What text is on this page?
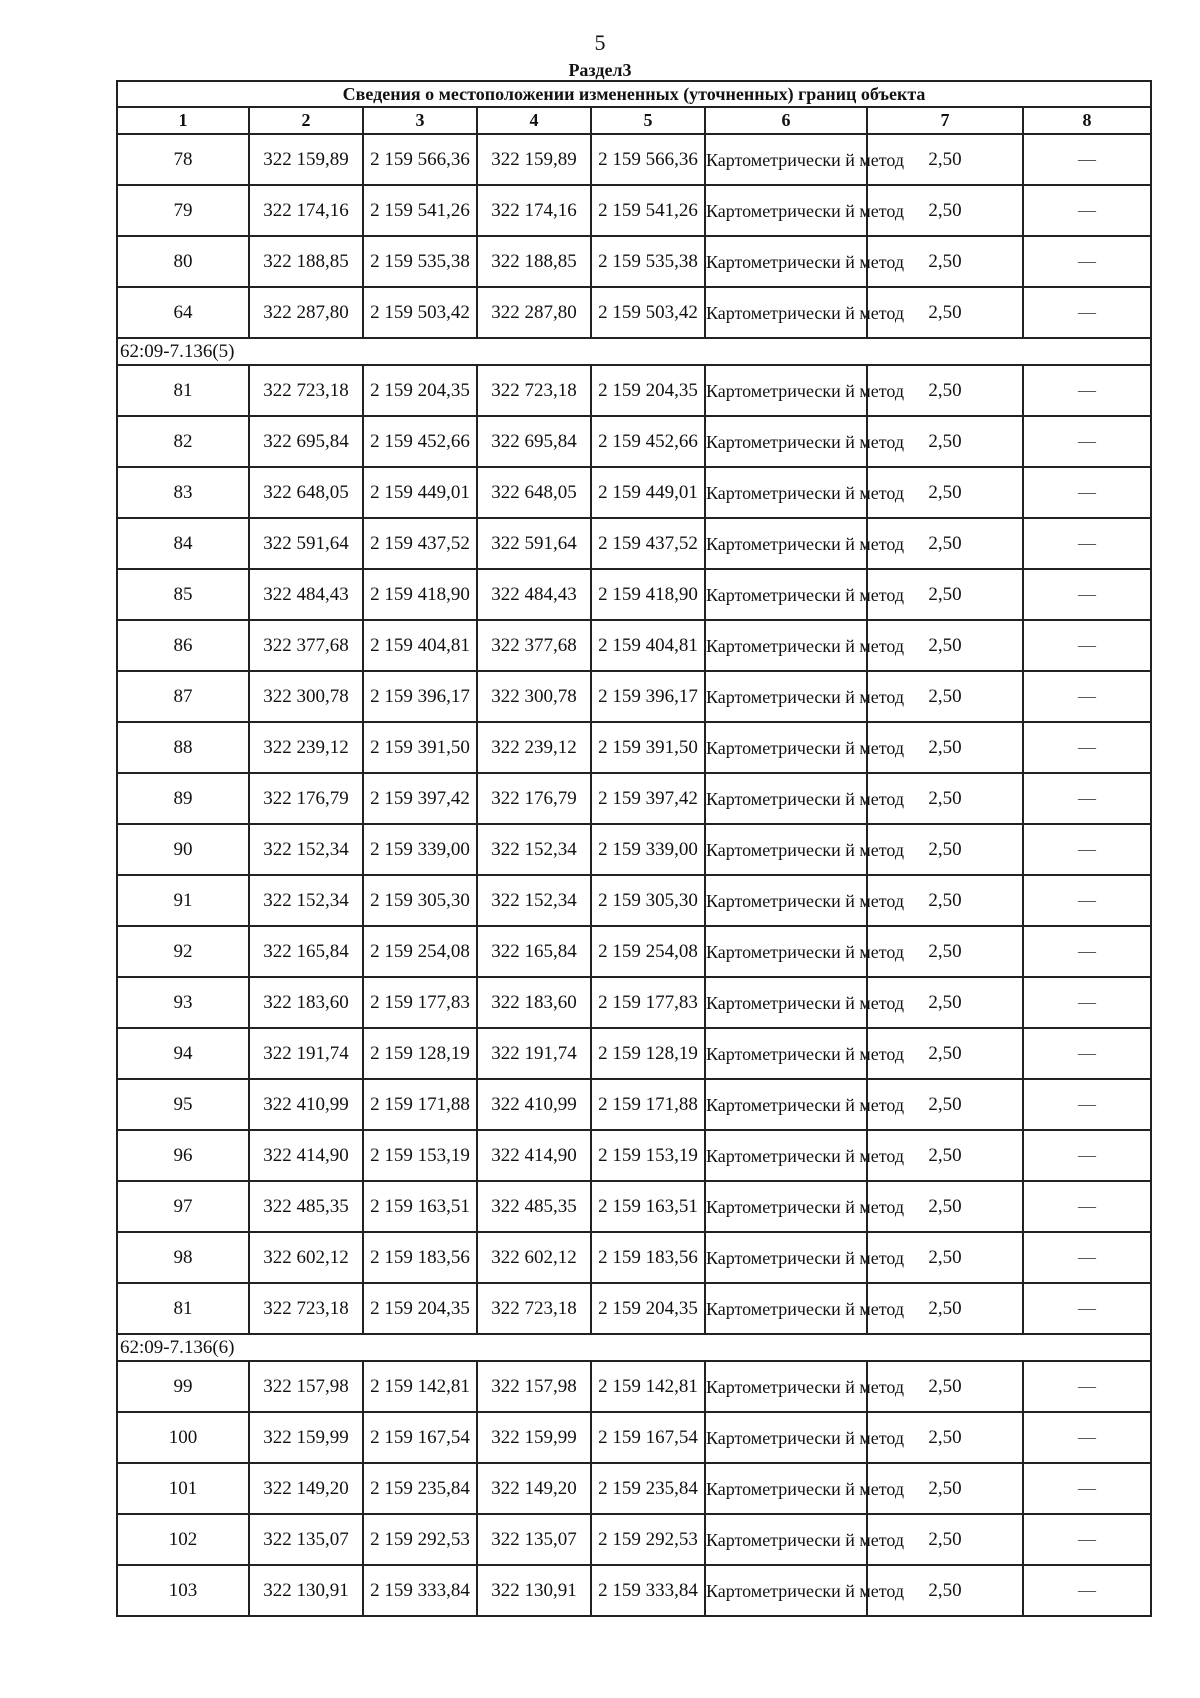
5
Раздел3
Сведения о местоположении измененных (уточненных) границ объекта							
1	2	3	4	5	6	7	8
78	322 159,89	2 159 566,36	322 159,89	2 159 566,36	Картометрически й метод	2,50	—
79	322 174,16	2 159 541,26	322 174,16	2 159 541,26	Картометрически й метод	2,50	—
80	322 188,85	2 159 535,38	322 188,85	2 159 535,38	Картометрически й метод	2,50	—
64	322 287,80	2 159 503,42	322 287,80	2 159 503,42	Картометрически й метод	2,50	—
62:09-7.136(5)							
81	322 723,18	2 159 204,35	322 723,18	2 159 204,35	Картометрически й метод	2,50	—
82	322 695,84	2 159 452,66	322 695,84	2 159 452,66	Картометрически й метод	2,50	—
83	322 648,05	2 159 449,01	322 648,05	2 159 449,01	Картометрически й метод	2,50	—
84	322 591,64	2 159 437,52	322 591,64	2 159 437,52	Картометрически й метод	2,50	—
85	322 484,43	2 159 418,90	322 484,43	2 159 418,90	Картометрически й метод	2,50	—
86	322 377,68	2 159 404,81	322 377,68	2 159 404,81	Картометрически й метод	2,50	—
87	322 300,78	2 159 396,17	322 300,78	2 159 396,17	Картометрически й метод	2,50	—
88	322 239,12	2 159 391,50	322 239,12	2 159 391,50	Картометрически й метод	2,50	—
89	322 176,79	2 159 397,42	322 176,79	2 159 397,42	Картометрически й метод	2,50	—
90	322 152,34	2 159 339,00	322 152,34	2 159 339,00	Картометрически й метод	2,50	—
91	322 152,34	2 159 305,30	322 152,34	2 159 305,30	Картометрически й метод	2,50	—
92	322 165,84	2 159 254,08	322 165,84	2 159 254,08	Картометрически й метод	2,50	—
93	322 183,60	2 159 177,83	322 183,60	2 159 177,83	Картометрически й метод	2,50	—
94	322 191,74	2 159 128,19	322 191,74	2 159 128,19	Картометрически й метод	2,50	—
95	322 410,99	2 159 171,88	322 410,99	2 159 171,88	Картометрически й метод	2,50	—
96	322 414,90	2 159 153,19	322 414,90	2 159 153,19	Картометрически й метод	2,50	—
97	322 485,35	2 159 163,51	322 485,35	2 159 163,51	Картометрически й метод	2,50	—
98	322 602,12	2 159 183,56	322 602,12	2 159 183,56	Картометрически й метод	2,50	—
81	322 723,18	2 159 204,35	322 723,18	2 159 204,35	Картометрически й метод	2,50	—
62:09-7.136(6)							
99	322 157,98	2 159 142,81	322 157,98	2 159 142,81	Картометрически й метод	2,50	—
100	322 159,99	2 159 167,54	322 159,99	2 159 167,54	Картометрически й метод	2,50	—
101	322 149,20	2 159 235,84	322 149,20	2 159 235,84	Картометрически й метод	2,50	—
102	322 135,07	2 159 292,53	322 135,07	2 159 292,53	Картометрически й метод	2,50	—
103	322 130,91	2 159 333,84	322 130,91	2 159 333,84	Картометрически й метод	2,50	—
